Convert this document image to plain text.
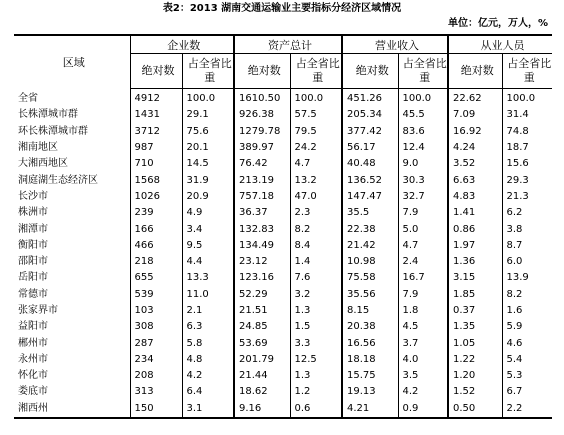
表2：2013 湖南交通运输业主要指标分经济区域情况
单位：亿元，万人，%
区域	企业数		资产总计		营业收入		从业人员	
	绝对数	占全省比重	绝对数	占全省比重	绝对数	占全省比重	绝对数	占全省比重
全省	4912	100.0	1610.50	100.0	451.26	100.0	22.62	100.0
长株潭城市群	1431	29.1	926.38	57.5	205.34	45.5	7.09	31.4
环长株潭城市群	3712	75.6	1279.78	79.5	377.42	83.6	16.92	74.8
湘南地区	987	20.1	389.97	24.2	56.17	12.4	4.24	18.7
大湘西地区	710	14.5	76.42	4.7	40.48	9.0	3.52	15.6
洞庭湖生态经济区	1568	31.9	213.19	13.2	136.52	30.3	6.63	29.3
长沙市	1026	20.9	757.18	47.0	147.47	32.7	4.83	21.3
株洲市	239	4.9	36.37	2.3	35.5	7.9	1.41	6.2
湘潭市	166	3.4	132.83	8.2	22.38	5.0	0.86	3.8
衡阳市	466	9.5	134.49	8.4	21.42	4.7	1.97	8.7
邵阳市	218	4.4	23.12	1.4	10.98	2.4	1.36	6.0
岳阳市	655	13.3	123.16	7.6	75.58	16.7	3.15	13.9
常德市	539	11.0	52.29	3.2	35.56	7.9	1.85	8.2
张家界市	103	2.1	21.51	1.3	8.15	1.8	0.37	1.6
益阳市	308	6.3	24.85	1.5	20.38	4.5	1.35	5.9
郴州市	287	5.8	53.69	3.3	16.56	3.7	1.05	4.6
永州市	234	4.8	201.79	12.5	18.18	4.0	1.22	5.4
怀化市	208	4.2	21.44	1.3	15.75	3.5	1.20	5.3
娄底市	313	6.4	18.62	1.2	19.13	4.2	1.52	6.7
湘西州	150	3.1	9.16	0.6	4.21	0.9	0.50	2.2
